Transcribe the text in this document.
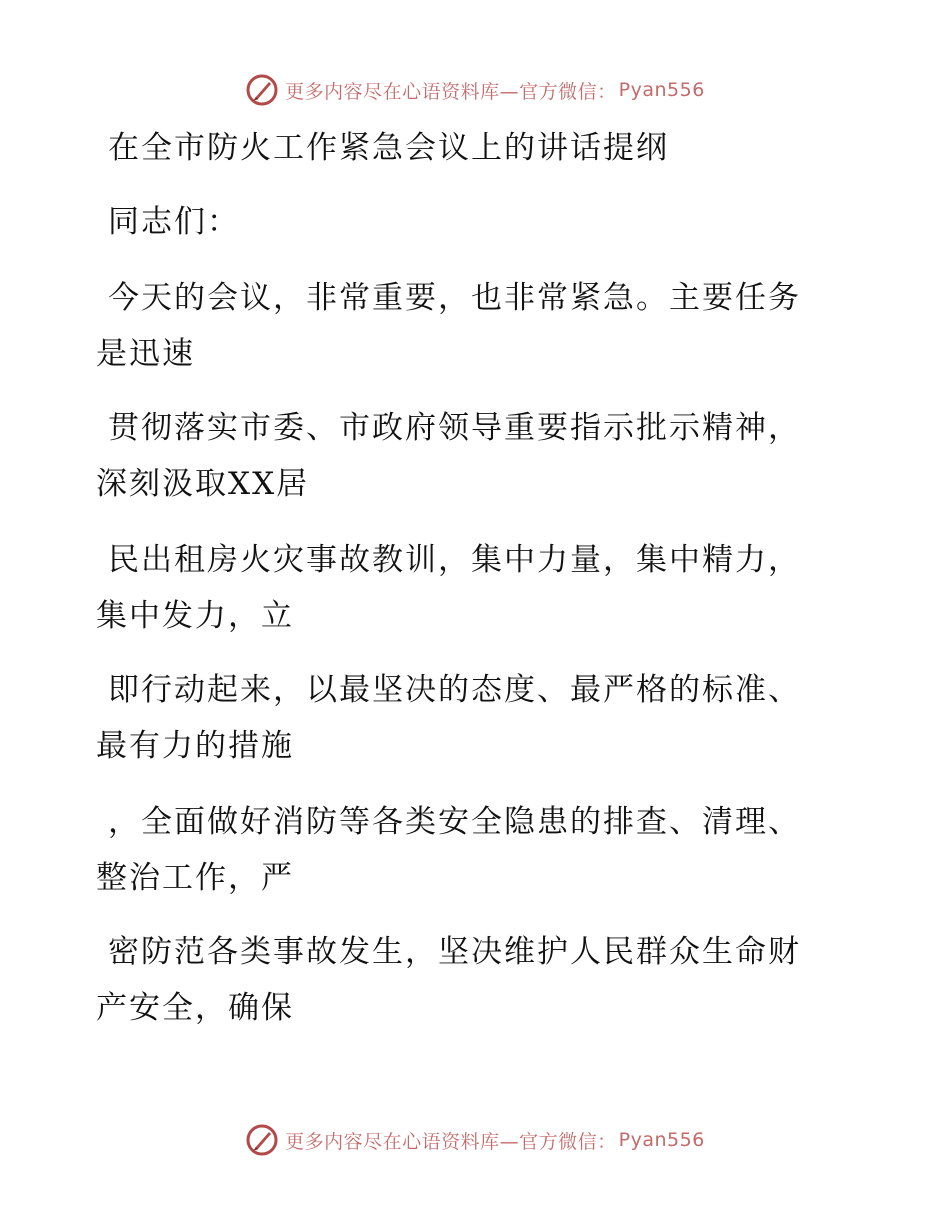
更多内容尽在心语资料库—官方微信： Pyan556
在全市防火工作紧急会议上的讲话提纲

同志们：

今天的会议，非常重要，也非常紧急。主要任务
是迅速

贯彻落实市委、市政府领导重要指示批示精神，
深刻汲取XX居

民出租房火灾事故教训，集中力量，集中精力，
集中发力，立

即行动起来，以最坚决的态度、最严格的标准、
最有力的措施

，全面做好消防等各类安全隐患的排查、清理、
整治工作，严

密防范各类事故发生，坚决维护人民群众生命财
产安全，确保

更多内容尽在心语资料库—官方微信： Pyan556
